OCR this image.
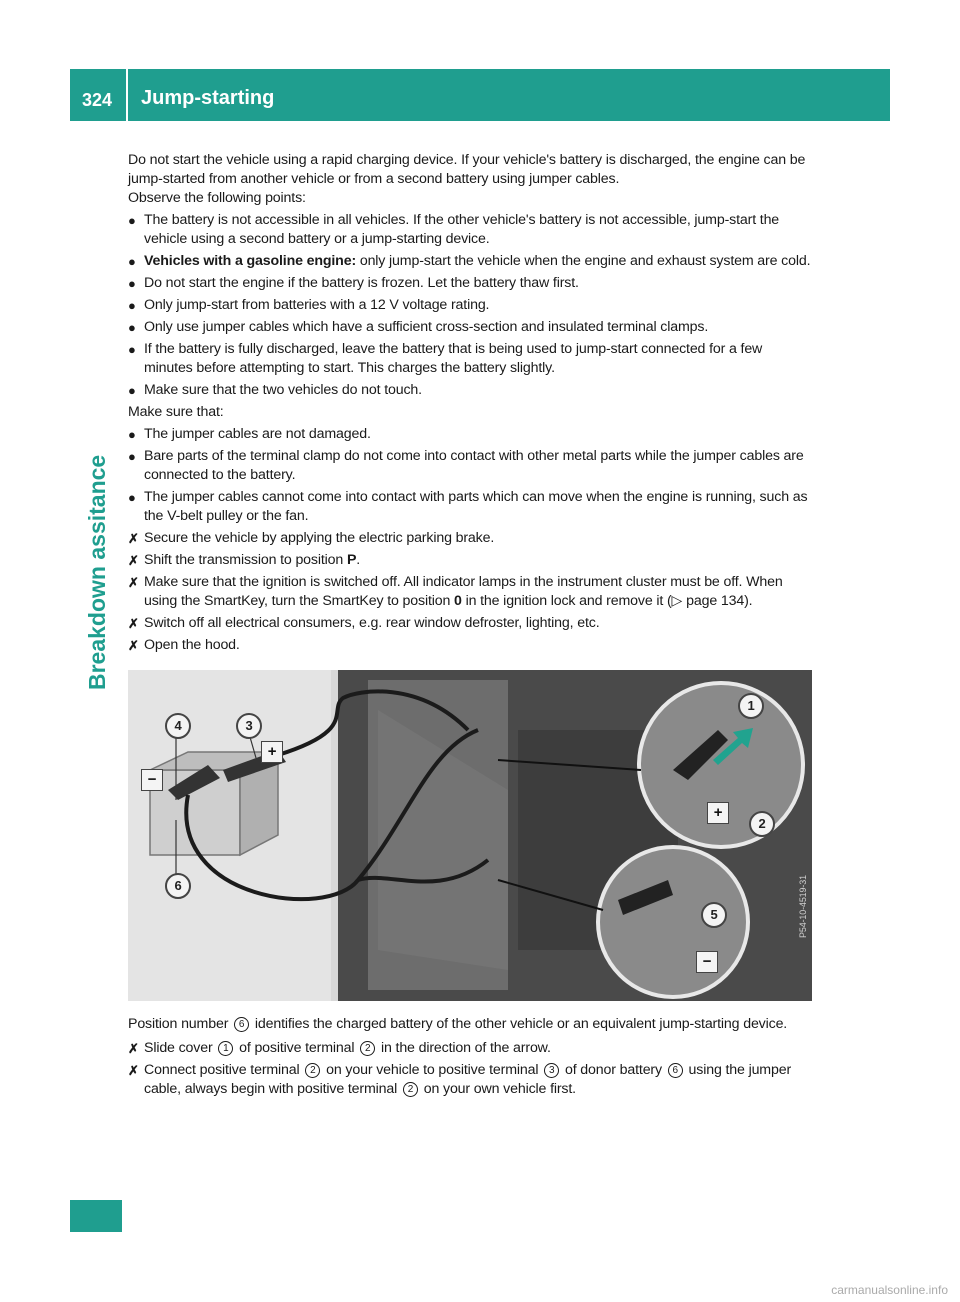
324 Jump-starting
Breakdown assitance

Do not start the vehicle using a rapid charging device. If your vehicle's battery is discharged, the engine can be jump-started from another vehicle or from a second battery using jumper cables.

Observe the following points:

● The battery is not accessible in all vehicles. If the other vehicle's battery is not accessible, jump-start the vehicle using a second battery or a jump-starting device.
● Vehicles with a gasoline engine: only jump-start the vehicle when the engine and exhaust system are cold.
● Do not start the engine if the battery is frozen. Let the battery thaw first.
● Only jump-start from batteries with a 12 V voltage rating.
● Only use jumper cables which have a sufficient cross-section and insulated terminal clamps.
● If the battery is fully discharged, leave the battery that is being used to jump-start connected for a few minutes before attempting to start. This charges the battery slightly.
● Make sure that the two vehicles do not touch.

Make sure that:

● The jumper cables are not damaged.
● Bare parts of the terminal clamp do not come into contact with other metal parts while the jumper cables are connected to the battery.
● The jumper cables cannot come into contact with parts which can move when the engine is running, such as the V-belt pulley or the fan.
✗ Secure the vehicle by applying the electric parking brake.
✗ Shift the transmission to position P.
✗ Make sure that the ignition is switched off. All indicator lamps in the instrument cluster must be off. When using the SmartKey, turn the SmartKey to position 0 in the ignition lock and remove it (▷ page 134).
✗ Switch off all electrical consumers, e.g. rear window defroster, lighting, etc.
✗ Open the hood.
P54-10-4519-31
4	3
6
1
2
5
+
−
+
−

Position number 6 identifies the charged battery of the other vehicle or an equivalent jump-starting device.

✗ Slide cover 1 of positive terminal 2 in the direction of the arrow.
✗ Connect positive terminal 2 on your vehicle to positive terminal 3 of donor battery 6 using the jumper cable, always begin with positive terminal 2 on your own vehicle first.
carmanualsonline.info
